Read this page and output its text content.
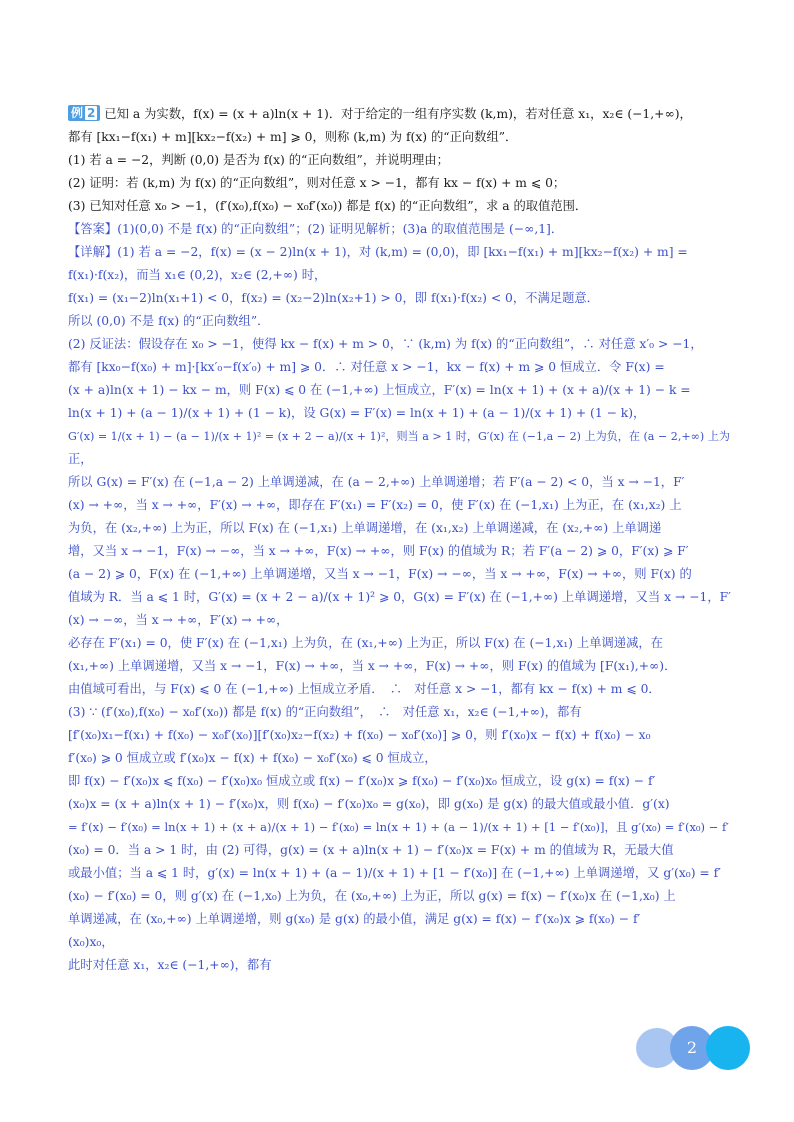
例 2 已知 a 为实数，f(x) = (x + a)ln(x + 1)．对于给定的一组有序实数 (k,m)，若对任意 x₁，x₂∈ (−1,+∞)，
都有 [kx₁−f(x₁) + m][kx₂−f(x₂) + m] ⩾ 0，则称 (k,m) 为 f(x) 的“正向数组”．
(1) 若 a = −2，判断 (0,0) 是否为 f(x) 的“正向数组”，并说明理由；
(2) 证明：若 (k,m) 为 f(x) 的“正向数组”，则对任意 x > −1，都有 kx − f(x) + m ⩽ 0；
(3) 已知对任意 x₀ > −1，(f′(x₀),f(x₀) − x₀f′(x₀)) 都是 f(x) 的“正向数组”，求 a 的取值范围．
【答案】(1)(0,0) 不是 f(x) 的“正向数组”；(2) 证明见解析；(3)a 的取值范围是 (−∞,1]．
【详解】(1) 若 a = −2，f(x) = (x − 2)ln(x + 1)，对 (k,m) = (0,0)，即 [kx₁−f(x₁) + m][kx₂−f(x₂) + m] =
f(x₁)·f(x₂)，而当 x₁∈ (0,2)，x₂∈ (2,+∞) 时，
f(x₁) = (x₁−2)ln(x₁+1) < 0，f(x₂) = (x₂−2)ln(x₂+1) > 0，即 f(x₁)·f(x₂) < 0，不满足题意．
所以 (0,0) 不是 f(x) 的“正向数组”．
(2) 反证法：假设存在 x₀ > −1，使得 kx − f(x) + m > 0，∵ (k,m) 为 f(x) 的“正向数组”，∴ 对任意 x′₀ > −1，
都有 [kx₀−f(x₀) + m]·[kx′₀−f(x′₀) + m] ⩾ 0．∴ 对任意 x > −1，kx − f(x) + m ⩾ 0 恒成立．令 F(x) =
(x + a)ln(x + 1) − kx − m，则 F(x) ⩽ 0 在 (−1,+∞) 上恒成立，F′(x) = ln(x + 1) + (x + a)/(x + 1) − k =
ln(x + 1) + (a − 1)/(x + 1) + (1 − k)，设 G(x) = F′(x) = ln(x + 1) + (a − 1)/(x + 1) + (1 − k)，
G′(x) = 1/(x + 1) − (a − 1)/(x + 1)² = (x + 2 − a)/(x + 1)²，则当 a > 1 时，G′(x) 在 (−1,a − 2) 上为负，在 (a − 2,+∞) 上为
正，
所以 G(x) = F′(x) 在 (−1,a − 2) 上单调递减，在 (a − 2,+∞) 上单调递增；若 F′(a − 2) < 0，当 x → −1，F′
(x) → +∞，当 x → +∞，F′(x) → +∞，即存在 F′(x₁) = F′(x₂) = 0，使 F′(x) 在 (−1,x₁) 上为正，在 (x₁,x₂) 上
为负，在 (x₂,+∞) 上为正，所以 F(x) 在 (−1,x₁) 上单调递增，在 (x₁,x₂) 上单调递减，在 (x₂,+∞) 上单调递
增，又当 x → −1，F(x) → −∞，当 x → +∞，F(x) → +∞，则 F(x) 的值域为 R；若 F′(a − 2) ⩾ 0，F′(x) ⩾ F′
(a − 2) ⩾ 0，F(x) 在 (−1,+∞) 上单调递增，又当 x → −1，F(x) → −∞，当 x → +∞，F(x) → +∞，则 F(x) 的
值域为 R．当 a ⩽ 1 时，G′(x) = (x + 2 − a)/(x + 1)² ⩾ 0，G(x) = F′(x) 在 (−1,+∞) 上单调递增，又当 x → −1，F′
(x) → −∞，当 x → +∞，F′(x) → +∞，
必存在 F′(x₁) = 0，使 F′(x) 在 (−1,x₁) 上为负，在 (x₁,+∞) 上为正，所以 F(x) 在 (−1,x₁) 上单调递减，在
(x₁,+∞) 上单调递增，又当 x → −1，F(x) → +∞，当 x → +∞，F(x) → +∞，则 F(x) 的值域为 [F(x₁),+∞)．
由值域可看出，与 F(x) ⩽ 0 在 (−1,+∞) 上恒成立矛盾．　∴　对任意 x > −1，都有 kx − f(x) + m ⩽ 0．
(3) ∵ (f′(x₀),f(x₀) − x₀f′(x₀)) 都是 f(x) 的“正向数组”，　∴　对任意 x₁，x₂∈ (−1,+∞)，都有
[f′(x₀)x₁−f(x₁) + f(x₀) − x₀f′(x₀)][f′(x₀)x₂−f(x₂) + f(x₀) − x₀f′(x₀)] ⩾ 0，则 f′(x₀)x − f(x) + f(x₀) − x₀
f′(x₀) ⩾ 0 恒成立或 f′(x₀)x − f(x) + f(x₀) − x₀f′(x₀) ⩽ 0 恒成立，
即 f(x) − f′(x₀)x ⩽ f(x₀) − f′(x₀)x₀ 恒成立或 f(x) − f′(x₀)x ⩾ f(x₀) − f′(x₀)x₀ 恒成立，设 g(x) = f(x) − f′
(x₀)x = (x + a)ln(x + 1) − f′(x₀)x，则 f(x₀) − f′(x₀)x₀ = g(x₀)，即 g(x₀) 是 g(x) 的最大值或最小值．g′(x)
= f′(x) − f′(x₀) = ln(x + 1) + (x + a)/(x + 1) − f′(x₀) = ln(x + 1) + (a − 1)/(x + 1) + [1 − f′(x₀)]，且 g′(x₀) = f′(x₀) − f′
(x₀) = 0．当 a > 1 时，由 (2) 可得，g(x) = (x + a)ln(x + 1) − f′(x₀)x = F(x) + m 的值域为 R，无最大值
或最小值；当 a ⩽ 1 时，g′(x) = ln(x + 1) + (a − 1)/(x + 1) + [1 − f′(x₀)] 在 (−1,+∞) 上单调递增，又 g′(x₀) = f′
(x₀) − f′(x₀) = 0，则 g′(x) 在 (−1,x₀) 上为负，在 (x₀,+∞) 上为正，所以 g(x) = f(x) − f′(x₀)x 在 (−1,x₀) 上
单调递减，在 (x₀,+∞) 上单调递增，则 g(x₀) 是 g(x) 的最小值，满足 g(x) = f(x) − f′(x₀)x ⩾ f(x₀) − f′
(x₀)x₀，
此时对任意 x₁，x₂∈ (−1,+∞)，都有
2
